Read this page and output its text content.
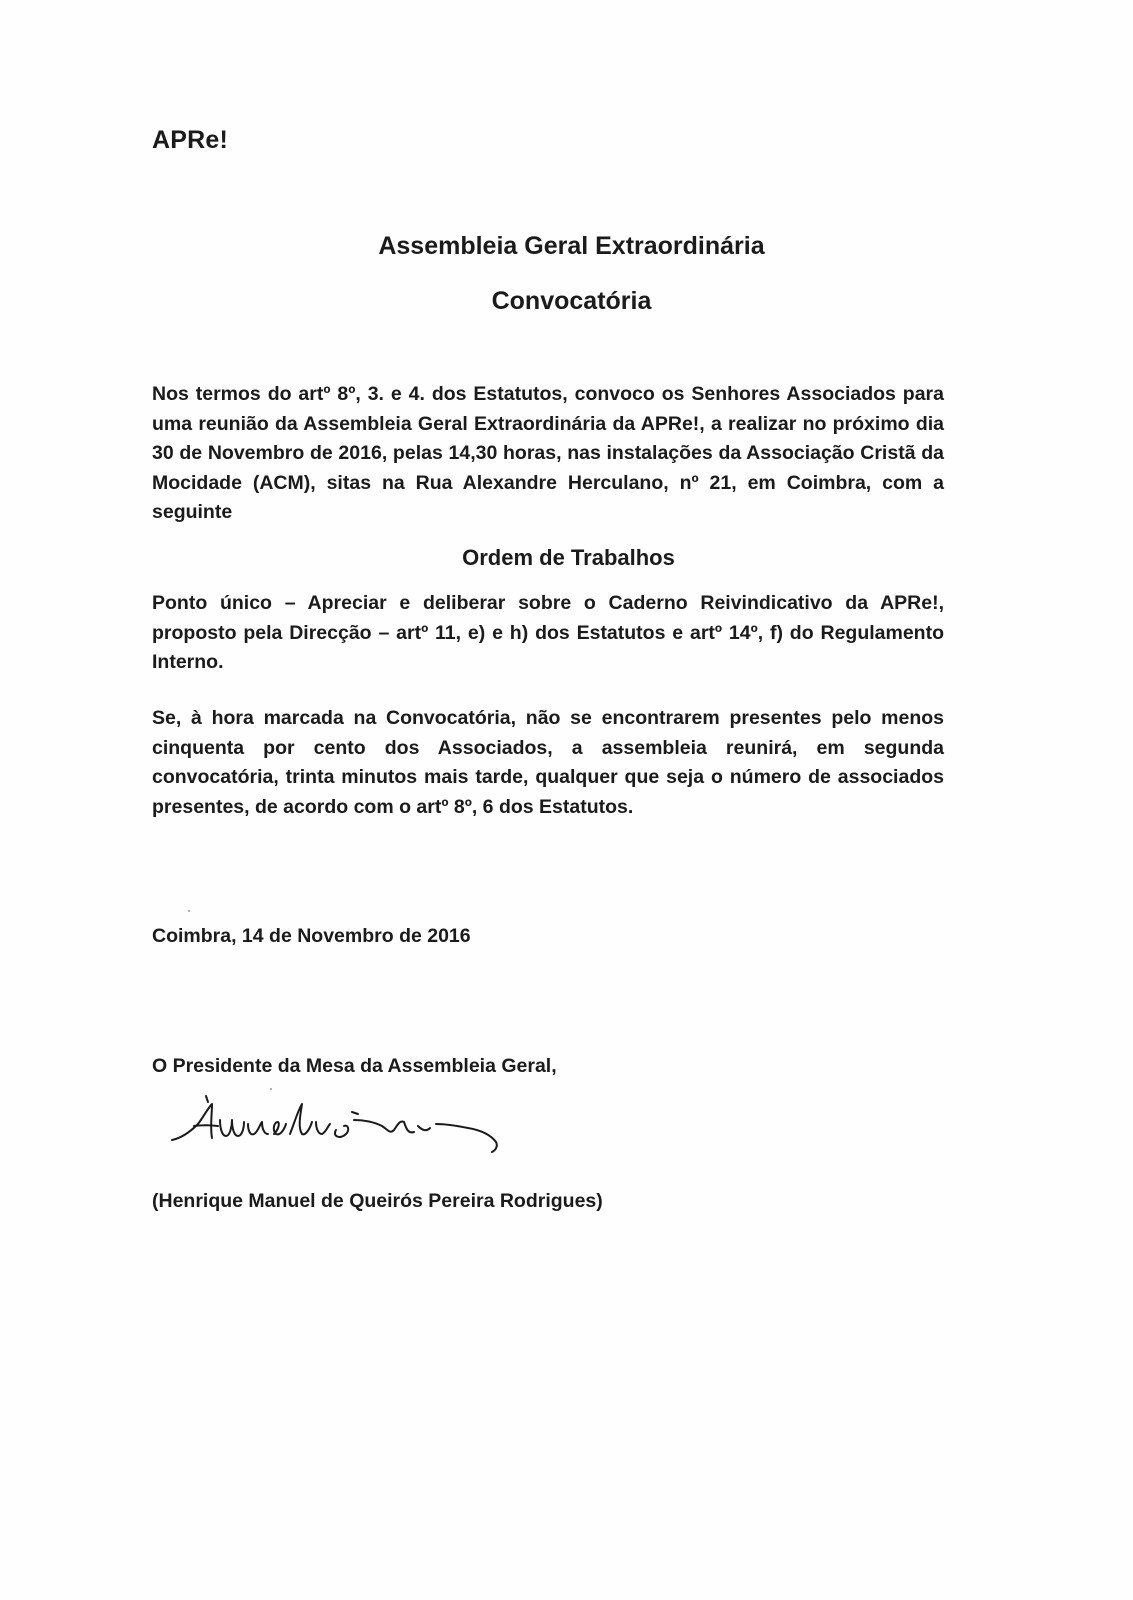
APRe!
Assembleia Geral Extraordinária
Convocatória
Nos termos do artº 8º, 3. e 4. dos Estatutos, convoco os Senhores Associados para uma reunião da Assembleia Geral Extraordinária da APRe!, a realizar no próximo dia 30 de Novembro de 2016, pelas 14,30 horas, nas instalações da Associação Cristã da Mocidade (ACM), sitas na Rua Alexandre Herculano, nº 21, em Coimbra, com a seguinte
Ordem de Trabalhos
Ponto único – Apreciar e deliberar sobre o Caderno Reivindicativo da APRe!, proposto pela Direcção – artº 11, e) e h) dos Estatutos e artº 14º, f) do Regulamento Interno.
Se, à hora marcada na Convocatória, não se encontrarem presentes pelo menos cinquenta por cento dos Associados, a assembleia reunirá, em segunda convocatória, trinta minutos mais tarde, qualquer que seja o número de associados presentes, de acordo com o artº 8º, 6 dos Estatutos.
Coimbra, 14 de Novembro de 2016
O Presidente da Mesa da Assembleia Geral,
(Henrique Manuel de Queirós Pereira Rodrigues)
